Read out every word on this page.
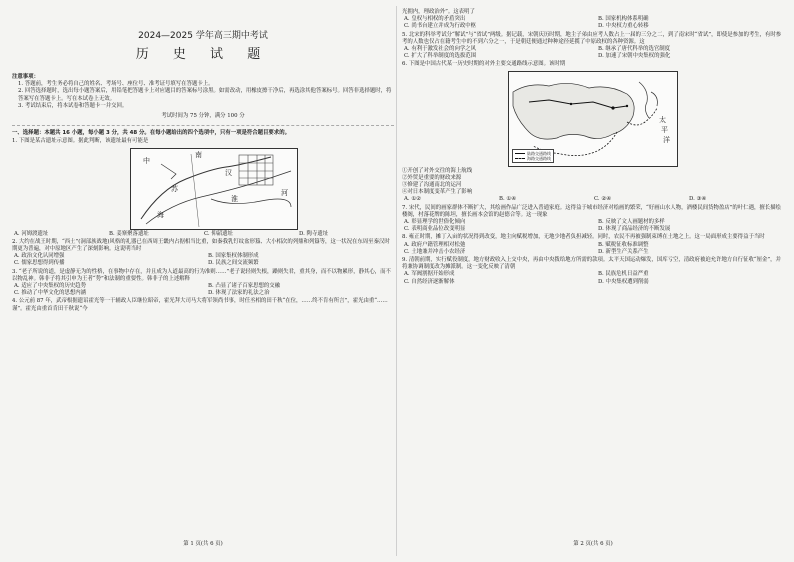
2024—2025 学年高三期中考试
历 史 试 题
注意事项：
1. 答题前，考生务必将自己的姓名、考场号、座位号、准考证号填写在答题卡上。
2. 回答选择题时，选出每小题答案后，用铅笔把答题卡上对应题目的答案标号涂黑。如需改动，用橡皮擦干净后，再选涂其他答案标号。回答非选择题时，将答案写在答题卡上。写在本试卷上无效。
3. 考试结束后，将本试卷和答题卡一并交回。
考试时间为 75 分钟，满分 100 分
一、选择题：本题共 16 小题，每小题 3 分，共 48 分。在每小题给出的四个选项中，只有一项是符合题目要求的。
1. 下图是某古遗址示意图。据此判断，该遗址最有可能是
中
南
汉
苏
淮
海
河
A. 河姆渡遗址	B. 姜寨聚落遗址	C. 仰韶遗址	D. 陶寺遗址
2. 大约在战王时期，“西土”(洞部族战地)风格的礼器已在西周王畿内占据相当比重，如秦我乳钉纹盆形簋、大小相次的列鼎和列簋等，这一状况在东周至秦汉时期更为普遍，对中原地区产生了深刻影响。这说明当时
A. 政治文化认同增强	B. 国家集权体制形成
C. 儒家思想得到传播	D. 民族之间交流频繁
3. “老子所说的道，是虚静无为的性格，在事物中存在，并且成为人道最高的行为准则……”老子说轻则失根，躁则失君，重其身，而不以物累形，静其心，而不以物乱神。韩非子将其引申为王者“势”和法制的重要性。韩非子的上述解释
A. 适应了中央集权的历史趋势	B. 凸显了诸子百家思想的交融
C. 推动了中华文化的思想内涵	D. 体现了法家的礼法之治
4. 公元前 87 年，武帝根据遗诏霍光等一干辅政人臣继位昭帝，霍光拜大司马大将军领尚书事，时任丞相的田千秋“在位，……终不肯有所言”，霍光由重“……谨”。霍光由重首肯田千秋说“今
第 1 页(共 6 页)
光拥内，理政治外”。这表明了
A. 皇权与相权的矛盾突出	B. 国家机构体系明确
C. 尚书台建立并成为行政中枢	D. 中央权力重心转移
5. 北宋的科举考试分“解试”与“省试”两级。据记载，宋朝庆历时期，地主子弟由应考人数占上一届的三分之二，到了南宋时“省试”，即使是参加的考生，有时参考的人数也仅占在籍考生中的不到六分之一，于是朝廷便通过种种途径延揽了中原政权的各种资源。这
A. 有利于激发社会的向学之风	B. 继承了唐代科举的选官制度
C. 扩大了科举制度的选拔范围	D. 加速了宋朝中央集权的强化
6. 下图是中国古代某一历史时期的对外主要交通路线示意图。该时期
太
平
洋
陆路交通路线
海路交通路线
①开创了对外交往的海上航线
②外贸是重要的财政来源
③修建了沟通南北的运河
④对日本制度变革产生了影响
A. ①②	B. ①④	C. ②④	D. ③④
7. 宋代，民间的画家群体不断扩大，其绘画作品广泛进入普通家庭。这得益于城市经济对绘画的繁荣，“好画山水人物，酒楼民间货物盈店”的叶仁遇，擅长描绘楼阁，村落花牌的陈坦，擅长画本会馆的赵德合等。这一现象
A. 彰显理学的世俗化倾向	B. 反映了文人画题材的多样
C. 表明商业品位改变明显	D. 体现了商品经济的不断发展
8. 雍正时期，摊丁入亩的状况得到改变，地主向赋税增加，无地少地者负担减轻。同时，农民不再被强制束缚在土地之上。这一局面形成主要得益于当时
A. 政府户籍管理相对松弛	B. 赋税征收标准调整
C. 土地兼并冲击小农经济	D. 新型生产关系产生
9. 清朝前期，实行赋役制度，地方财政收入上交中央，再由中央拨给地方所需的款项。太平天国运动爆发，国库亏空，清政府被迫允许地方自行征收“厘金”，并将兼协调制度改为摊派制。这一变化反映了清朝
A. 军阀割据开始形成	B. 民族危机日益严重
C. 自然经济逐渐解体	D. 中央集权遭到削弱
第 2 页(共 6 页)
